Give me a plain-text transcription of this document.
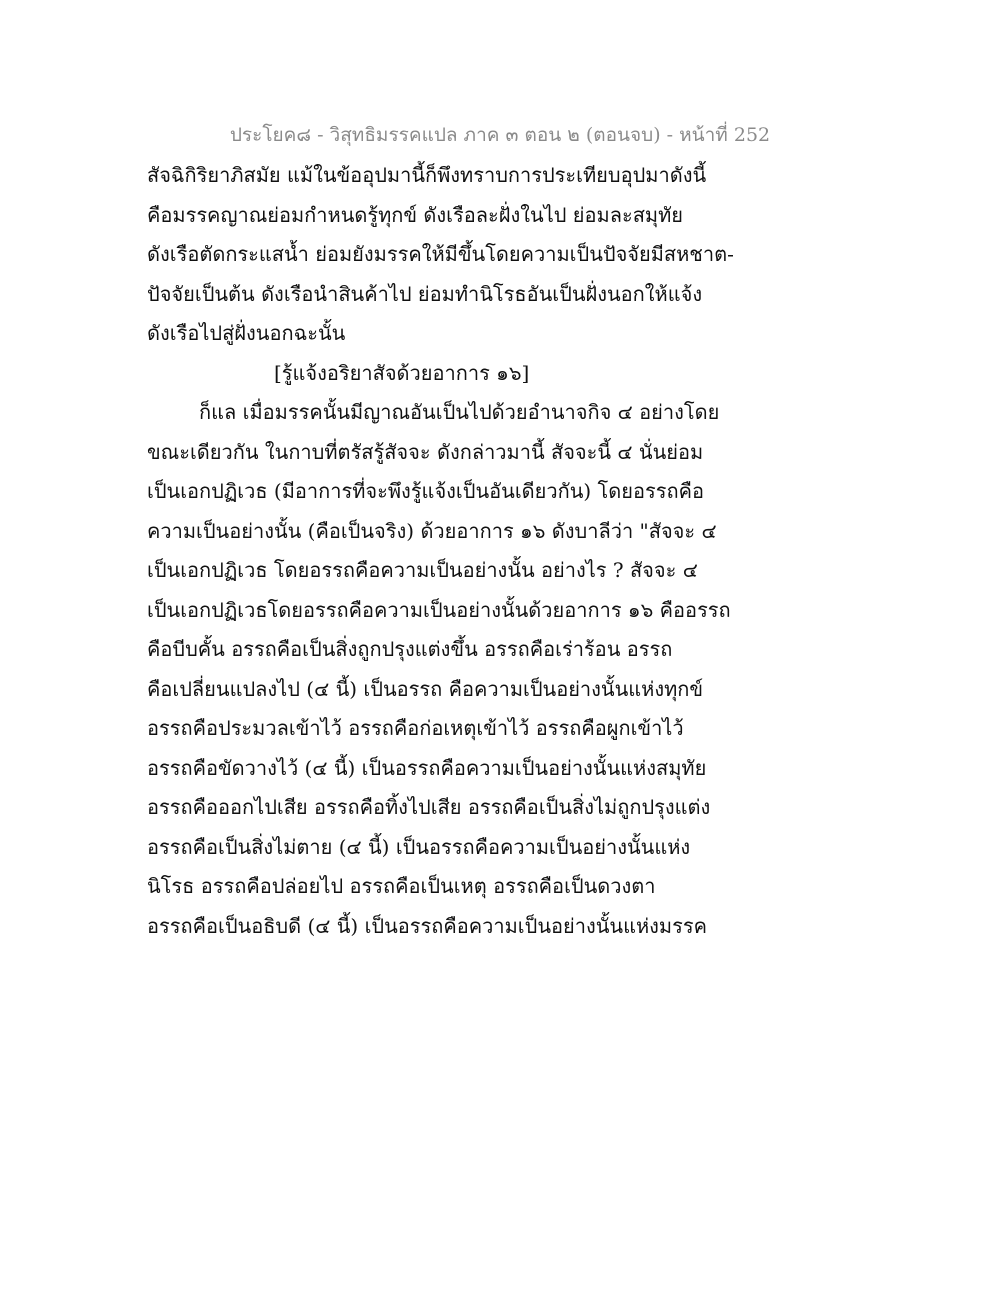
ประโยค๘ - วิสุทธิมรรคแปล ภาค ๓ ตอน ๒ (ตอนจบ) - หน้าที่ 252
สัจฉิกิริยาภิสมัย แม้ในข้ออุปมานี้ก็พึงทราบการประเทียบอุปมาดังนี้
คือมรรคญาณย่อมกำหนดรู้ทุกข์ ดังเรือละฝั่งในไป ย่อมละสมุทัย
ดังเรือตัดกระแสน้ำ ย่อมยังมรรคให้มีขึ้นโดยความเป็นปัจจัยมีสหชาต-
ปัจจัยเป็นต้น ดังเรือนำสินค้าไป ย่อมทำนิโรธอันเป็นฝั่งนอกให้แจ้ง
ดังเรือไปสู่ฝั่งนอกฉะนั้น
[รู้แจ้งอริยาสัจด้วยอาการ ๑๖]
ก็แล เมื่อมรรคนั้นมีญาณอันเป็นไปด้วยอำนาจกิจ ๔ อย่างโดย
ขณะเดียวกัน ในกาบที่ตรัสรู้สัจจะ ดังกล่าวมานี้ สัจจะนี้ ๔ นั่นย่อม
เป็นเอกปฏิเวธ (มีอาการที่จะพึงรู้แจ้งเป็นอันเดียวกัน) โดยอรรถคือ
ความเป็นอย่างนั้น (คือเป็นจริง) ด้วยอาการ ๑๖ ดังบาลีว่า "สัจจะ ๔
เป็นเอกปฏิเวธ โดยอรรถคือความเป็นอย่างนั้น อย่างไร ? สัจจะ ๔
เป็นเอกปฏิเวธโดยอรรถคือความเป็นอย่างนั้นด้วยอาการ ๑๖ คืออรรถ
คือบีบคั้น อรรถคือเป็นสิ่งถูกปรุงแต่งขึ้น อรรถคือเร่าร้อน อรรถ
คือเปลี่ยนแปลงไป (๔ นี้) เป็นอรรถ คือความเป็นอย่างนั้นแห่งทุกข์
อรรถคือประมวลเข้าไว้ อรรถคือก่อเหตุเข้าไว้ อรรถคือผูกเข้าไว้
อรรถคือขัดวางไว้ (๔ นี้) เป็นอรรถคือความเป็นอย่างนั้นแห่งสมุทัย
อรรถคือออกไปเสีย อรรถคือทิ้งไปเสีย อรรถคือเป็นสิ่งไม่ถูกปรุงแต่ง
อรรถคือเป็นสิ่งไม่ตาย (๔ นี้) เป็นอรรถคือความเป็นอย่างนั้นแห่ง
นิโรธ อรรถคือปล่อยไป อรรถคือเป็นเหตุ อรรถคือเป็นดวงตา
อรรถคือเป็นอธิบดี (๔ นี้) เป็นอรรถคือความเป็นอย่างนั้นแห่งมรรค
